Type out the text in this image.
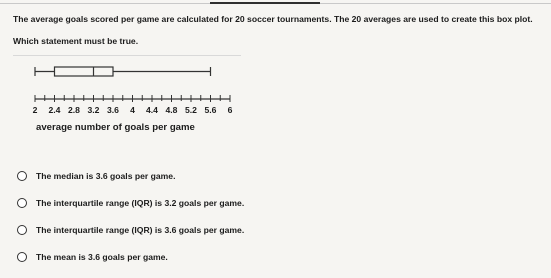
The average goals scored per game are calculated for 20 soccer tournaments. The 20 averages are used to create this box plot.
Which statement must be true.
2 2.4 2.8 3.2 3.6 4 4.4 4.8 5.2 5.6 6
average number of goals per game
The median is 3.6 goals per game.
The interquartile range (IQR) is 3.2 goals per game.
The interquartile range (IQR) is 3.6 goals per game.
The mean is 3.6 goals per game.
